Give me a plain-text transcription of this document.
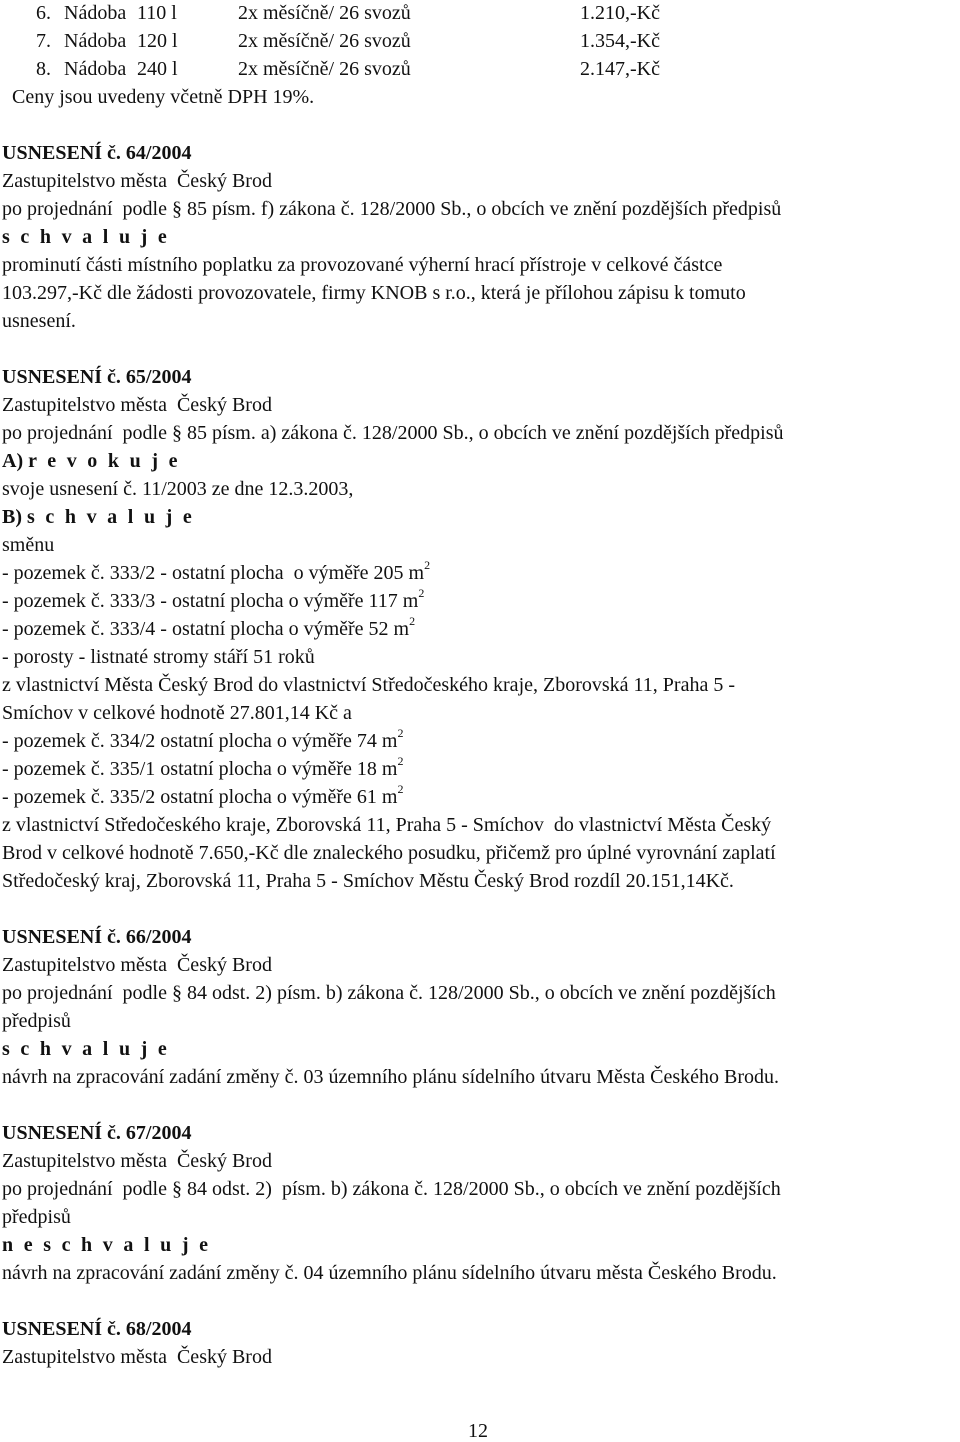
6. Nádoba 110 l	2x měsíčně/ 26 svozů	1.210,-Kč
7. Nádoba 120 l	2x měsíčně/ 26 svozů	1.354,-Kč
8. Nádoba 240 l	2x měsíčně/ 26 svozů	2.147,-Kč
Ceny jsou uvedeny včetně DPH 19%.
USNESENÍ č. 64/2004
Zastupitelstvo města  Český Brod
po projednání  podle § 85 písm. f) zákona č. 128/2000 Sb., o obcích ve znění pozdějších předpisů
s c h v a l u j e
prominutí části místního poplatku za provozované výherní hrací přístroje v celkové částce
103.297,-Kč dle žádosti provozovatele, firmy KNOB s r.o., která je přílohou zápisu k tomuto
usnesení.
USNESENÍ č. 65/2004
Zastupitelstvo města  Český Brod
po projednání  podle § 85 písm. a) zákona č. 128/2000 Sb., o obcích ve znění pozdějších předpisů
A) r e v o k u j e
svoje usnesení č. 11/2003 ze dne 12.3.2003,
B) s c h v a l u j e
směnu
- pozemek č. 333/2 - ostatní plocha  o výměře 205 $m^2$
- pozemek č. 333/3 - ostatní plocha o výměře 117 $m^2$
- pozemek č. 333/4 - ostatní plocha o výměře 52 $m^2$
- porosty - listnaté stromy stáří 51 roků
z vlastnictví Města Český Brod do vlastnictví Středočeského kraje, Zborovská 11, Praha 5 -
Smíchov v celkové hodnotě 27.801,14 Kč a
- pozemek č. 334/2 ostatní plocha o výměře 74 $m^2$
- pozemek č. 335/1 ostatní plocha o výměře 18 $m^2$
- pozemek č. 335/2 ostatní plocha o výměře 61 $m^2$
z vlastnictví Středočeského kraje, Zborovská 11, Praha 5 - Smíchov  do vlastnictví Města Český
Brod v celkové hodnotě 7.650,-Kč dle znaleckého posudku, přičemž pro úplné vyrovnání zaplatí
Středočeský kraj, Zborovská 11, Praha 5 - Smíchov Městu Český Brod rozdíl 20.151,14Kč.
USNESENÍ č. 66/2004
Zastupitelstvo města  Český Brod
po projednání  podle § 84 odst. 2) písm. b) zákona č. 128/2000 Sb., o obcích ve znění pozdějších
předpisů
s c h v a l u j e
návrh na zpracování zadání změny č. 03 územního plánu sídelního útvaru Města Českého Brodu.
USNESENÍ č. 67/2004
Zastupitelstvo města  Český Brod
po projednání  podle § 84 odst. 2)  písm. b) zákona č. 128/2000 Sb., o obcích ve znění pozdějších
předpisů
n e s c h v a l u j e
návrh na zpracování zadání změny č. 04 územního plánu sídelního útvaru města Českého Brodu.
USNESENÍ č. 68/2004
Zastupitelstvo města  Český Brod
12
